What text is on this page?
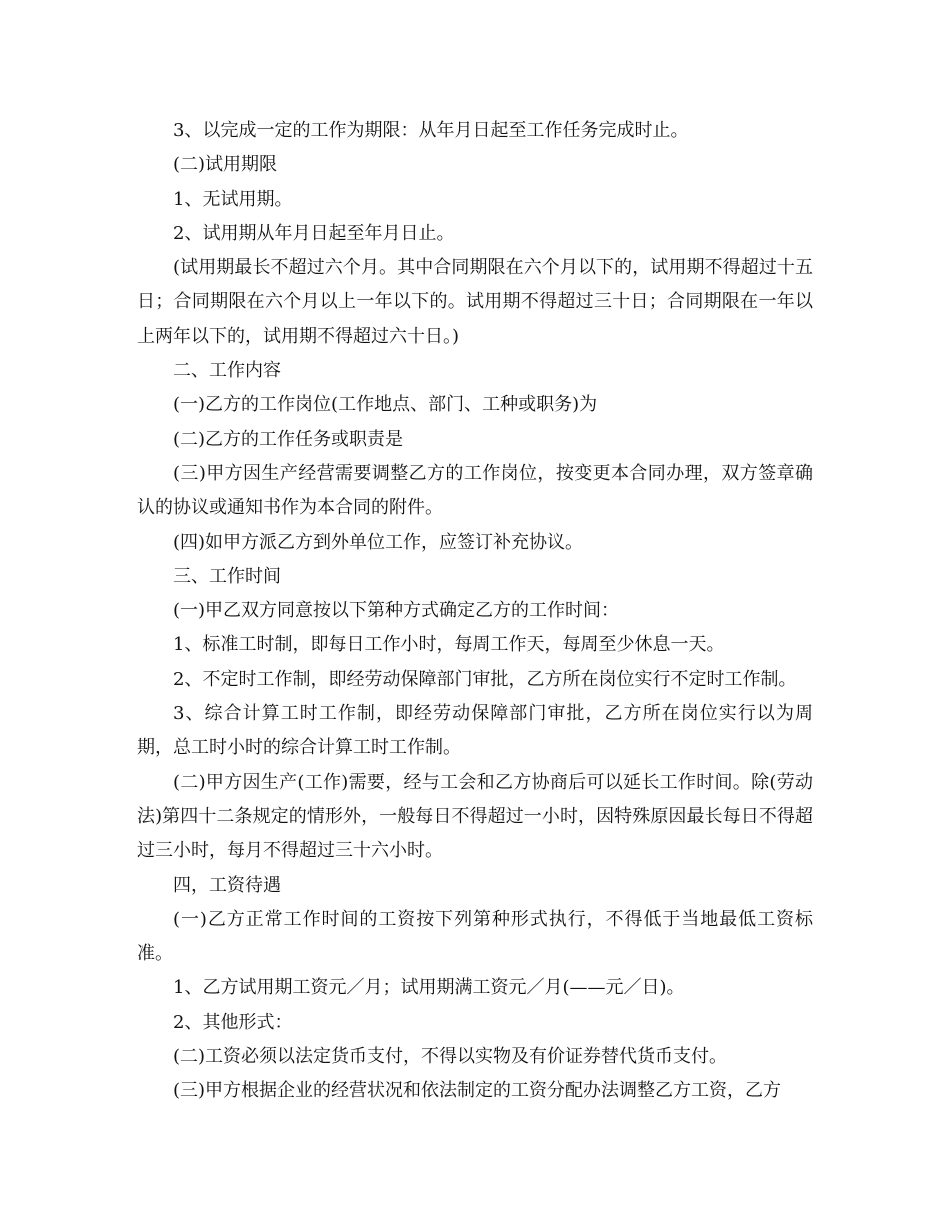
3、以完成一定的工作为期限：从年月日起至工作任务完成时止。

(二)试用期限

1、无试用期。

2、试用期从年月日起至年月日止。

(试用期最长不超过六个月。其中合同期限在六个月以下的，试用期不得超过十五日；合同期限在六个月以上一年以下的。试用期不得超过三十日；合同期限在一年以上两年以下的，试用期不得超过六十日。)

二、工作内容

(一)乙方的工作岗位(工作地点、部门、工种或职务)为

(二)乙方的工作任务或职责是

(三)甲方因生产经营需要调整乙方的工作岗位，按变更本合同办理，双方签章确认的协议或通知书作为本合同的附件。

(四)如甲方派乙方到外单位工作，应签订补充协议。

三、工作时间

(一)甲乙双方同意按以下第种方式确定乙方的工作时间：

1、标准工时制，即每日工作小时，每周工作天，每周至少休息一天。

2、不定时工作制，即经劳动保障部门审批，乙方所在岗位实行不定时工作制。

3、综合计算工时工作制，即经劳动保障部门审批，乙方所在岗位实行以为周期，总工时小时的综合计算工时工作制。

(二)甲方因生产(工作)需要，经与工会和乙方协商后可以延长工作时间。除(劳动法)第四十二条规定的情形外，一般每日不得超过一小时，因特殊原因最长每日不得超过三小时，每月不得超过三十六小时。

四，工资待遇

(一)乙方正常工作时间的工资按下列第种形式执行，不得低于当地最低工资标准。

1、乙方试用期工资元／月；试用期满工资元／月(——元／日)。

2、其他形式：

(二)工资必须以法定货币支付，不得以实物及有价证券替代货币支付。

(三)甲方根据企业的经营状况和依法制定的工资分配办法调整乙方工资，乙方
